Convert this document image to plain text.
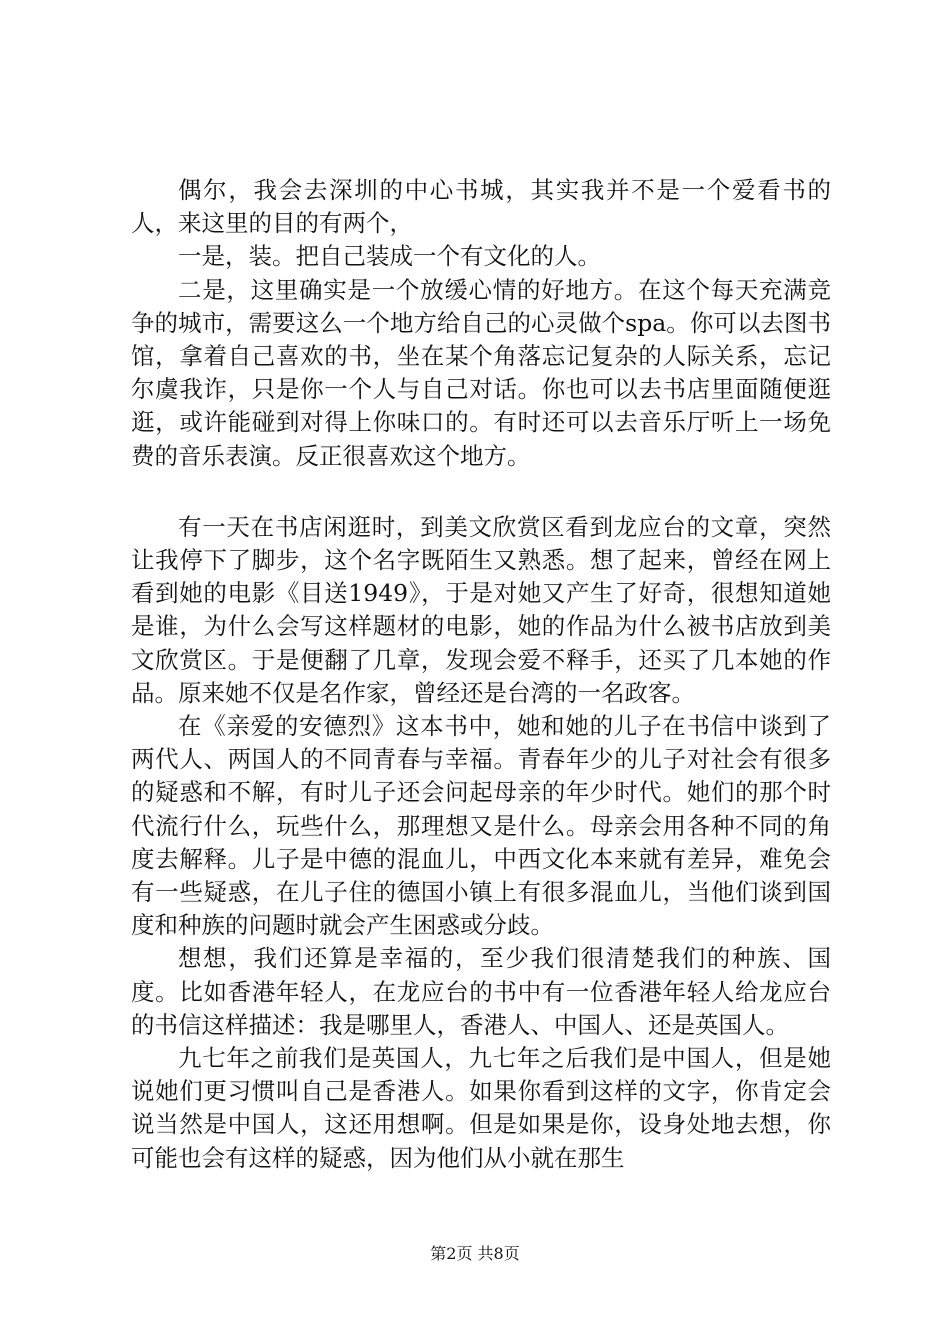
偶尔，我会去深圳的中心书城，其实我并不是一个爱看书的人，来这里的目的有两个，

一是，装。把自己装成一个有文化的人。

二是，这里确实是一个放缓心情的好地方。在这个每天充满竞争的城市，需要这么一个地方给自己的心灵做个spa。你可以去图书馆，拿着自己喜欢的书，坐在某个角落忘记复杂的人际关系，忘记尔虞我诈，只是你一个人与自己对话。你也可以去书店里面随便逛逛，或许能碰到对得上你味口的。有时还可以去音乐厅听上一场免费的音乐表演。反正很喜欢这个地方。

有一天在书店闲逛时，到美文欣赏区看到龙应台的文章，突然让我停下了脚步，这个名字既陌生又熟悉。想了起来，曾经在网上看到她的电影《目送1949》，于是对她又产生了好奇，很想知道她是谁，为什么会写这样题材的电影，她的作品为什么被书店放到美文欣赏区。于是便翻了几章，发现会爱不释手，还买了几本她的作品。原来她不仅是名作家，曾经还是台湾的一名政客。

在《亲爱的安德烈》这本书中，她和她的儿子在书信中谈到了两代人、两国人的不同青春与幸福。青春年少的儿子对社会有很多的疑惑和不解，有时儿子还会问起母亲的年少时代。她们的那个时代流行什么，玩些什么，那理想又是什么。母亲会用各种不同的角度去解释。儿子是中德的混血儿，中西文化本来就有差异，难免会有一些疑惑，在儿子住的德国小镇上有很多混血儿，当他们谈到国度和种族的问题时就会产生困惑或分歧。

想想，我们还算是幸福的，至少我们很清楚我们的种族、国度。比如香港年轻人，在龙应台的书中有一位香港年轻人给龙应台的书信这样描述：我是哪里人，香港人、中国人、还是英国人。

九七年之前我们是英国人，九七年之后我们是中国人，但是她说她们更习惯叫自己是香港人。如果你看到这样的文字，你肯定会说当然是中国人，这还用想啊。但是如果是你，设身处地去想，你可能也会有这样的疑惑，因为他们从小就在那生

第2页 共8页
